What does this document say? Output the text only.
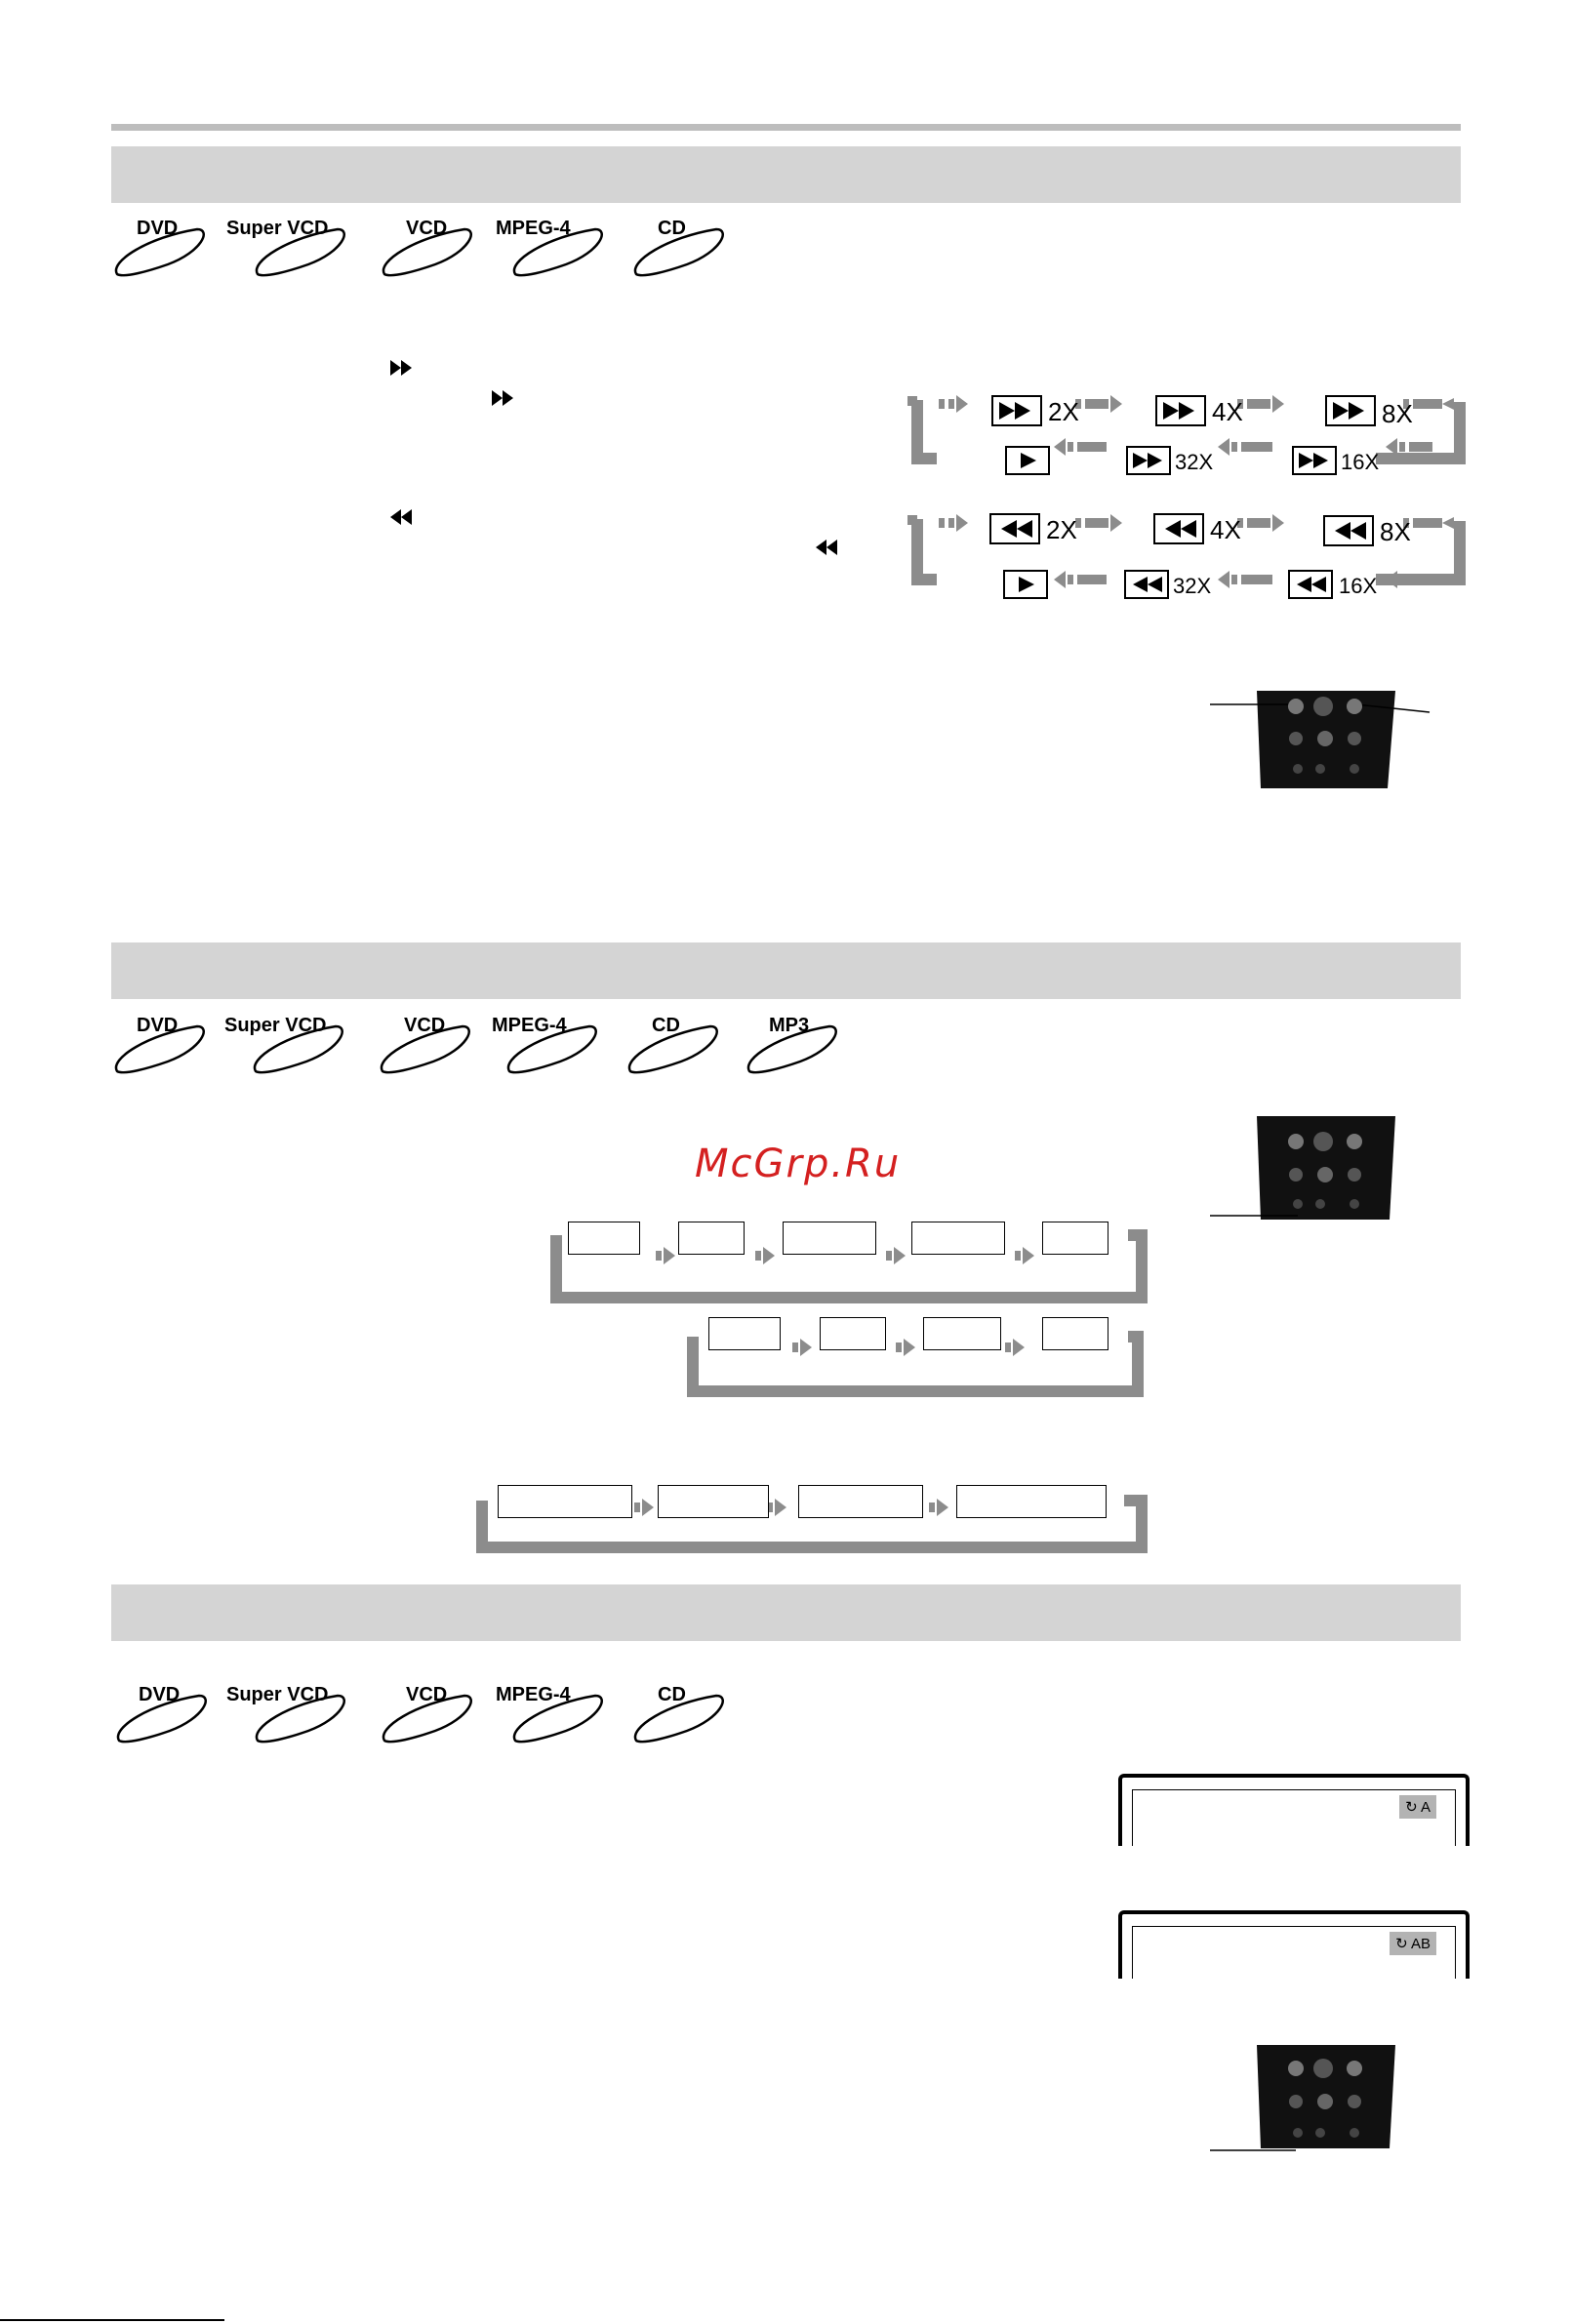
DVD Super VCD	VCD MPEG-4	CD
2X	4X	8X
32X	16X
2X	4X	8X
32X	16X
DVD Super VCD	VCD MPEG-4	CD	MP3
McGrp.Ru
DVD Super VCD	VCD MPEG-4	CD
↻ A
↻ AB
